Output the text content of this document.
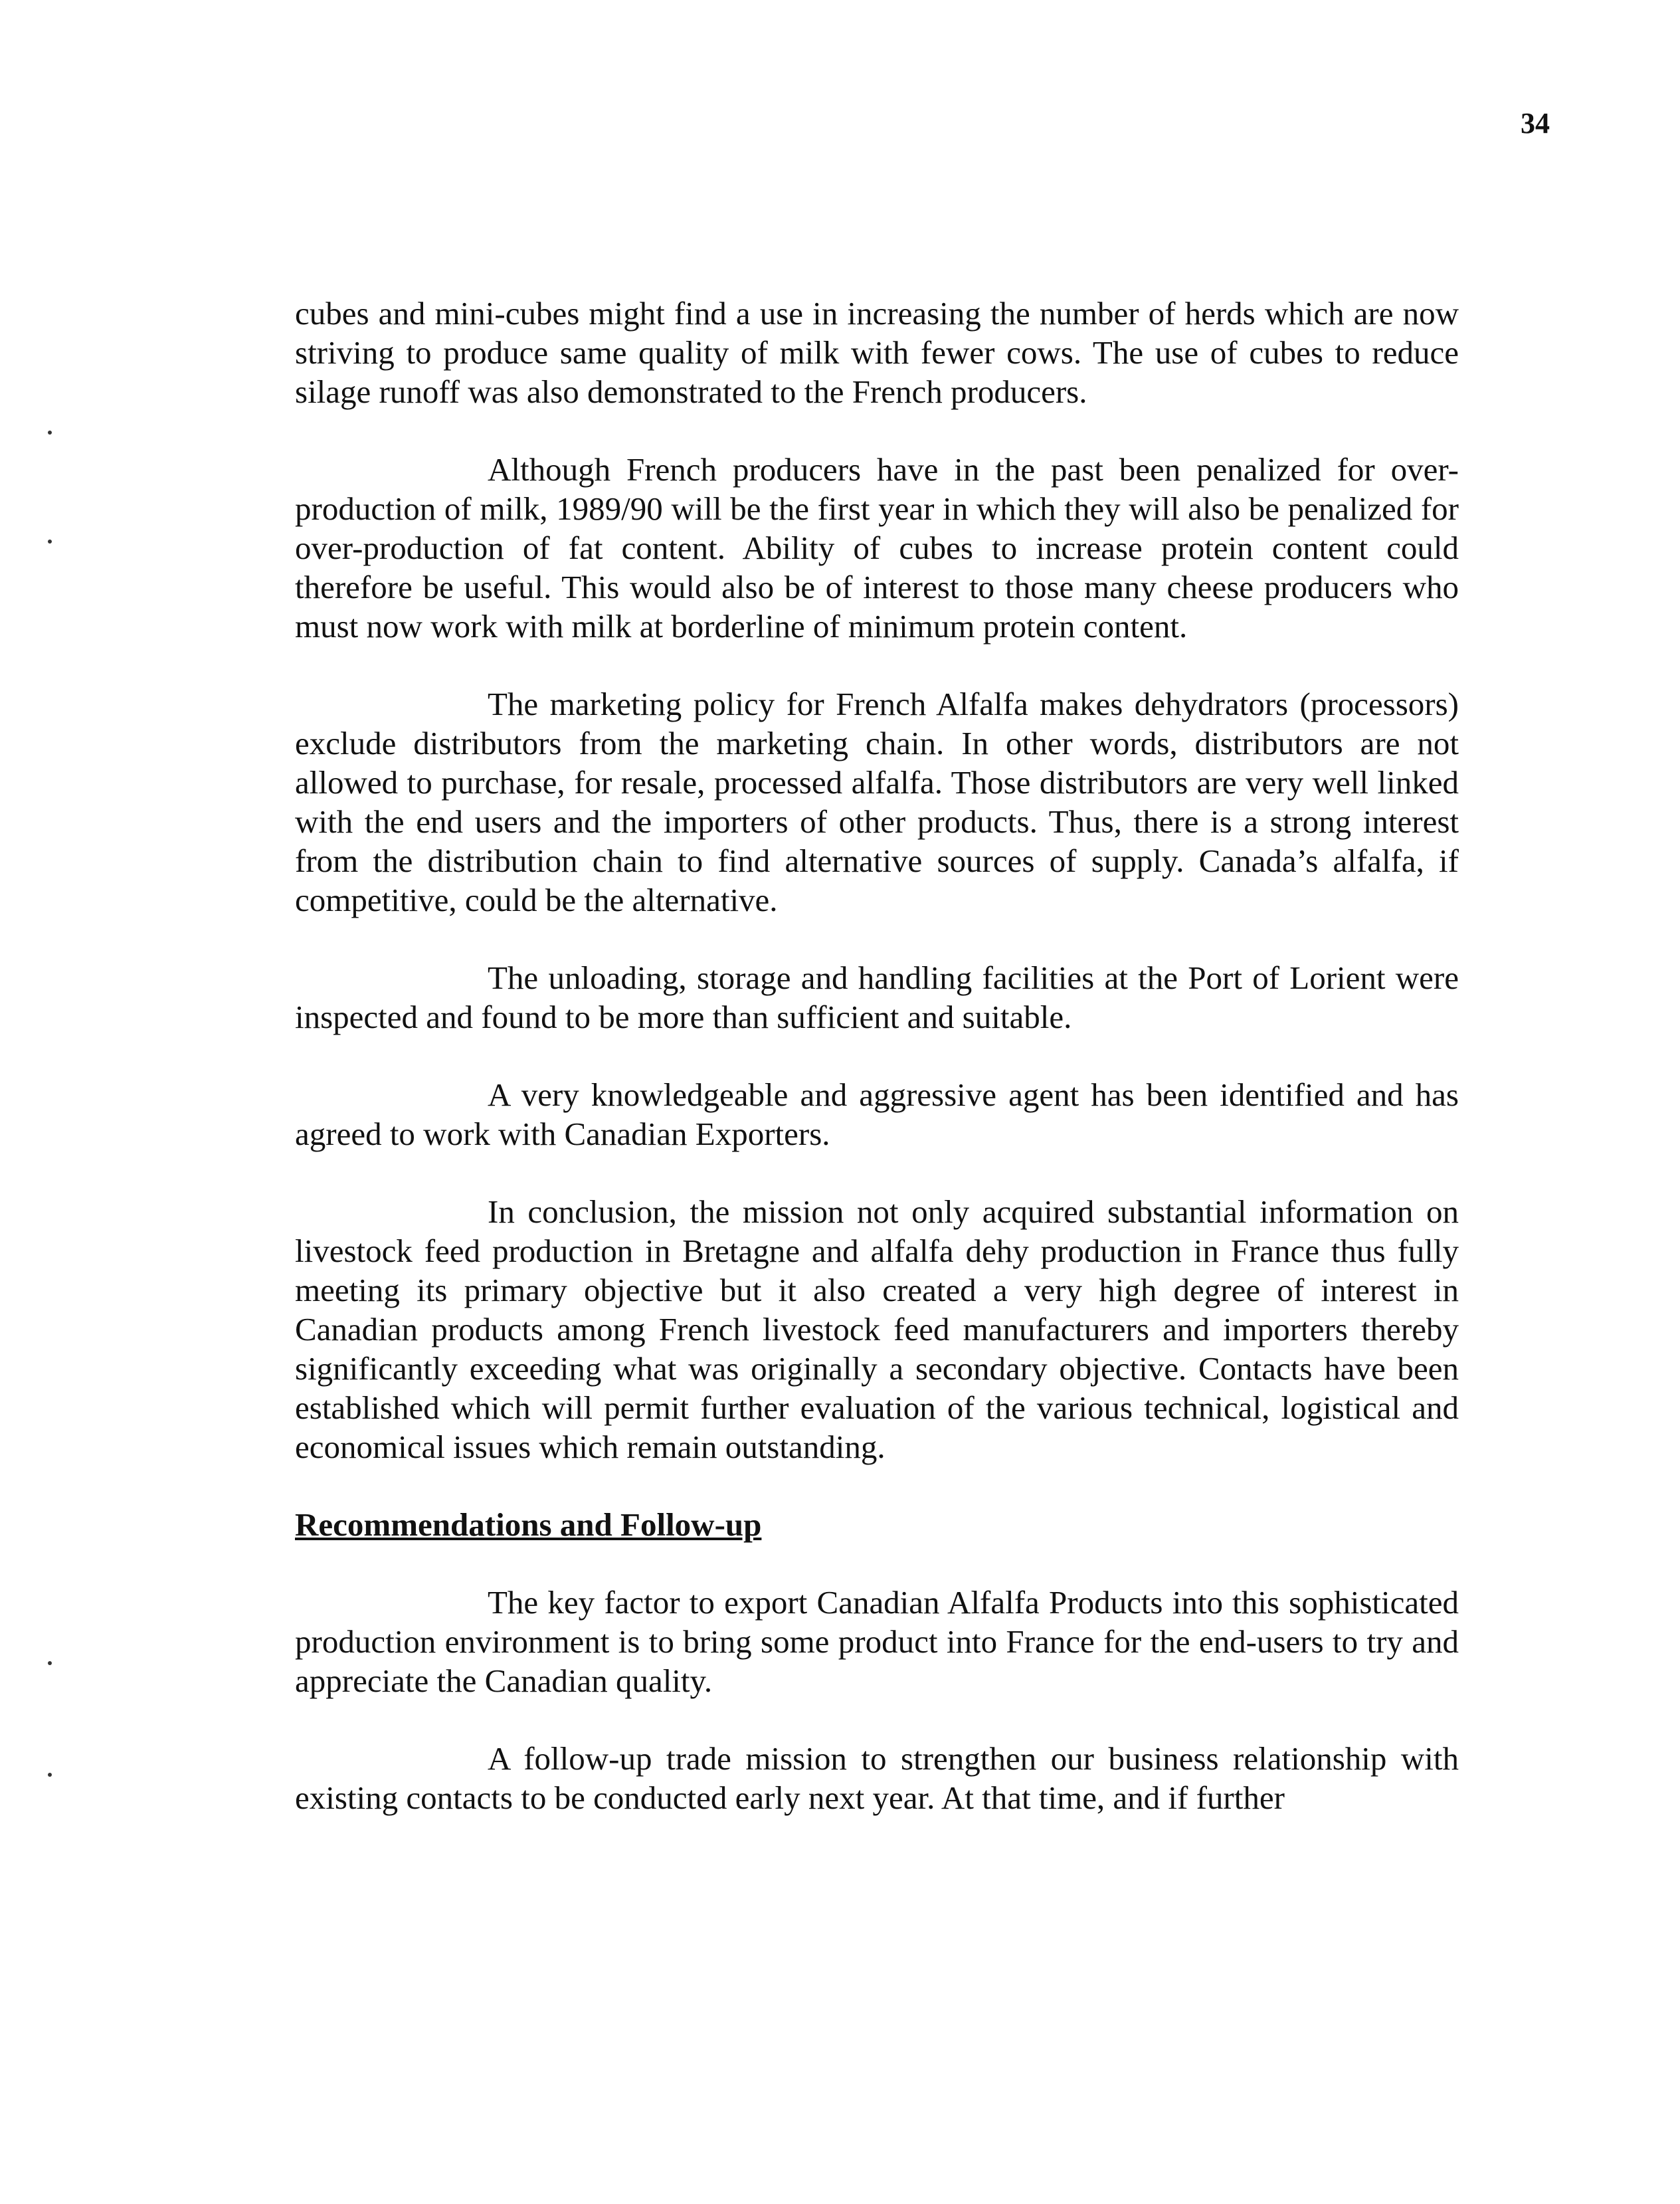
34

cubes and mini-cubes might find a use in increasing the number of herds which are now striving to produce same quality of milk with fewer cows. The use of cubes to reduce silage runoff was also demonstrated to the French producers.

Although French producers have in the past been penalized for over-production of milk, 1989/90 will be the first year in which they will also be penalized for over-production of fat content. Ability of cubes to increase protein content could therefore be useful. This would also be of interest to those many cheese producers who must now work with milk at borderline of minimum protein content.

The marketing policy for French Alfalfa makes dehydrators (processors) exclude distributors from the marketing chain. In other words, distributors are not allowed to purchase, for resale, processed alfalfa. Those distributors are very well linked with the end users and the importers of other products. Thus, there is a strong interest from the distribution chain to find alternative sources of supply. Canada’s alfalfa, if competitive, could be the alternative.

The unloading, storage and handling facilities at the Port of Lorient were inspected and found to be more than sufficient and suitable.

A very knowledgeable and aggressive agent has been identified and has agreed to work with Canadian Exporters.

In conclusion, the mission not only acquired substantial information on livestock feed production in Bretagne and alfalfa dehy production in France thus fully meeting its primary objective but it also created a very high degree of interest in Canadian products among French livestock feed manufacturers and importers thereby significantly exceeding what was originally a secondary objective. Contacts have been established which will permit further evaluation of the various technical, logistical and economical issues which remain outstanding.

Recommendations and Follow-up

The key factor to export Canadian Alfalfa Products into this sophisticated production environment is to bring some product into France for the end-users to try and appreciate the Canadian quality.

A follow-up trade mission to strengthen our business relationship with existing contacts to be conducted early next year. At that time, and if further
